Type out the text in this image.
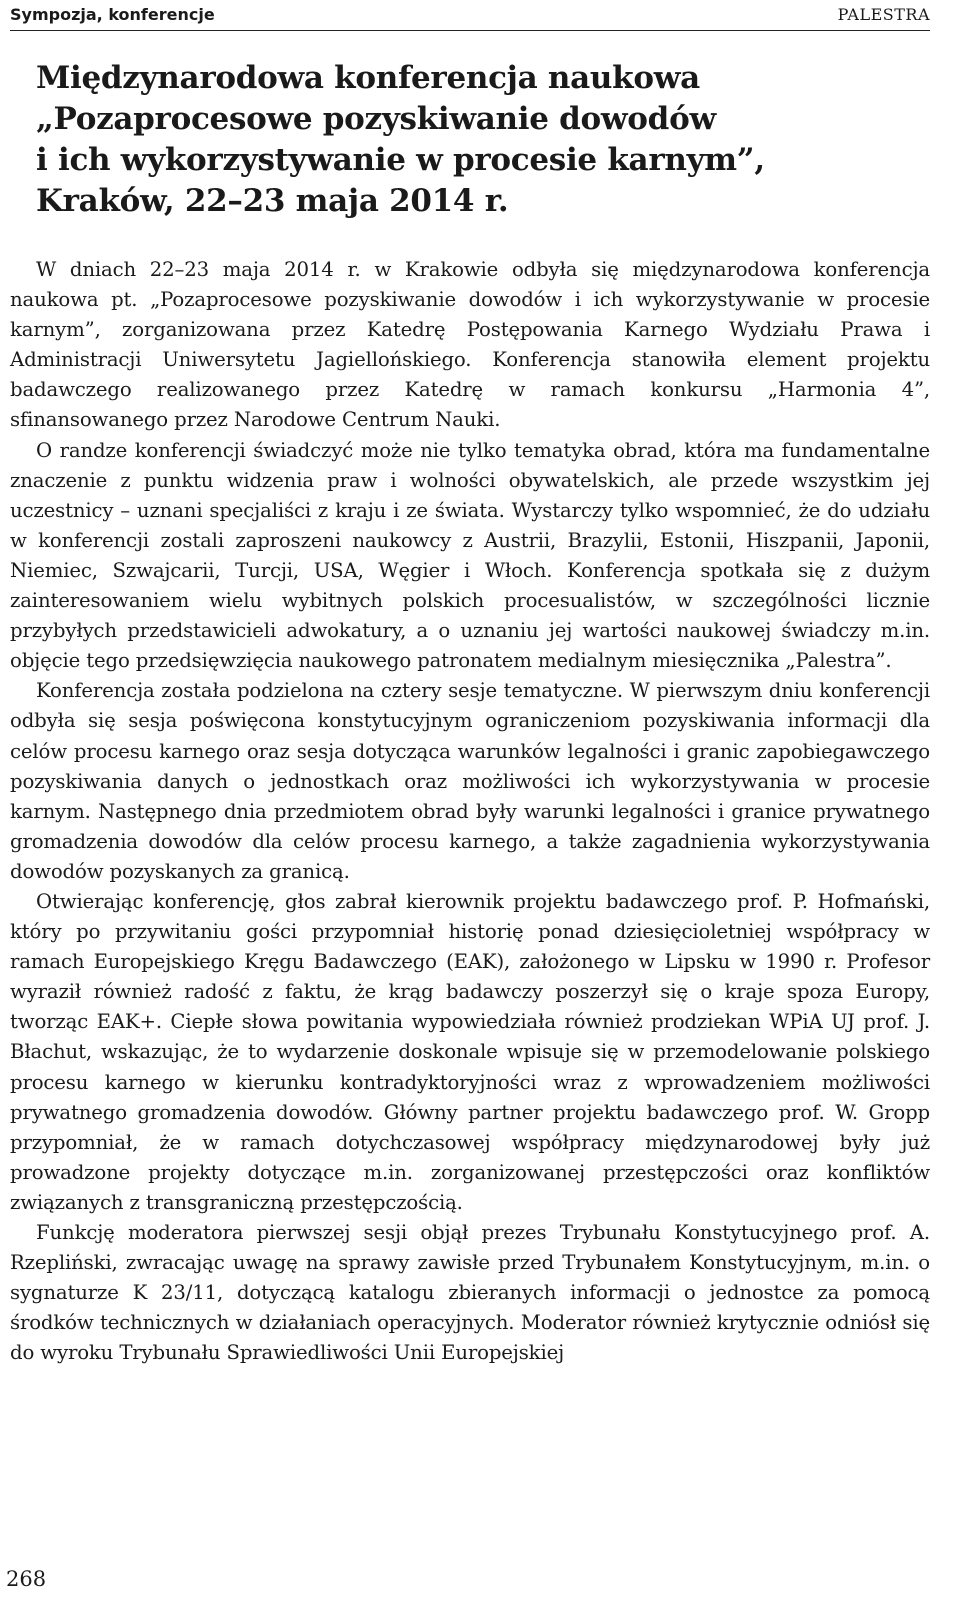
Sympozja, konferencje	PALESTRA
Międzynarodowa konferencja naukowa
„Pozaprocesowe pozyskiwanie dowodów
i ich wykorzystywanie w procesie karnym”,
Kraków, 22–23 maja 2014 r.

W dniach 22–23 maja 2014 r. w Krakowie odbyła się międzynarodowa konferencja naukowa pt. „Pozaprocesowe pozyskiwanie dowodów i ich wykorzystywanie w procesie karnym”, zorganizowana przez Katedrę Postępowania Karnego Wydziału Prawa i Administracji Uniwersytetu Jagiellońskiego. Konferencja stanowiła element projektu badawczego realizowanego przez Katedrę w ramach konkursu „Harmonia 4”, sfinansowanego przez Narodowe Centrum Nauki.

O randze konferencji świadczyć może nie tylko tematyka obrad, która ma fundamentalne znaczenie z punktu widzenia praw i wolności obywatelskich, ale przede wszystkim jej uczestnicy – uznani specjaliści z kraju i ze świata. Wystarczy tylko wspomnieć, że do udziału w konferencji zostali zaproszeni naukowcy z Austrii, Brazylii, Estonii, Hiszpanii, Japonii, Niemiec, Szwajcarii, Turcji, USA, Węgier i Włoch. Konferencja spotkała się z dużym zainteresowaniem wielu wybitnych polskich procesualistów, w szczególności licznie przybyłych przedstawicieli adwokatury, a o uznaniu jej wartości naukowej świadczy m.in. objęcie tego przedsięwzięcia naukowego patronatem medialnym miesięcznika „Palestra”.

Konferencja została podzielona na cztery sesje tematyczne. W pierwszym dniu konferencji odbyła się sesja poświęcona konstytucyjnym ograniczeniom pozyskiwania informacji dla celów procesu karnego oraz sesja dotycząca warunków legalności i granic zapobiegawczego pozyskiwania danych o jednostkach oraz możliwości ich wykorzystywania w procesie karnym. Następnego dnia przedmiotem obrad były warunki legalności i granice prywatnego gromadzenia dowodów dla celów procesu karnego, a także zagadnienia wykorzystywania dowodów pozyskanych za granicą.

Otwierając konferencję, głos zabrał kierownik projektu badawczego prof. P. Hofmański, który po przywitaniu gości przypomniał historię ponad dziesięcioletniej współpracy w ramach Europejskiego Kręgu Badawczego (EAK), założonego w Lipsku w 1990 r. Profesor wyraził również radość z faktu, że krąg badawczy poszerzył się o kraje spoza Europy, tworząc EAK+. Ciepłe słowa powitania wypowiedziała również prodziekan WPiA UJ prof. J. Błachut, wskazując, że to wydarzenie doskonale wpisuje się w przemodelowanie polskiego procesu karnego w kierunku kontradyktoryjności wraz z wprowadzeniem możliwości prywatnego gromadzenia dowodów. Główny partner projektu badawczego prof. W. Gropp przypomniał, że w ramach dotychczasowej współpracy międzynarodowej były już prowadzone projekty dotyczące m.in. zorganizowanej przestępczości oraz konfliktów związanych z transgraniczną przestępczością.

Funkcję moderatora pierwszej sesji objął prezes Trybunału Konstytucyjnego prof. A. Rzepliński, zwracając uwagę na sprawy zawisłe przed Trybunałem Konstytucyjnym, m.in. o sygnaturze K 23/11, dotyczącą katalogu zbieranych informacji o jednostce za pomocą środków technicznych w działaniach operacyjnych. Moderator również krytycznie odniósł się do wyroku Trybunału Sprawiedliwości Unii Europejskiej

268
